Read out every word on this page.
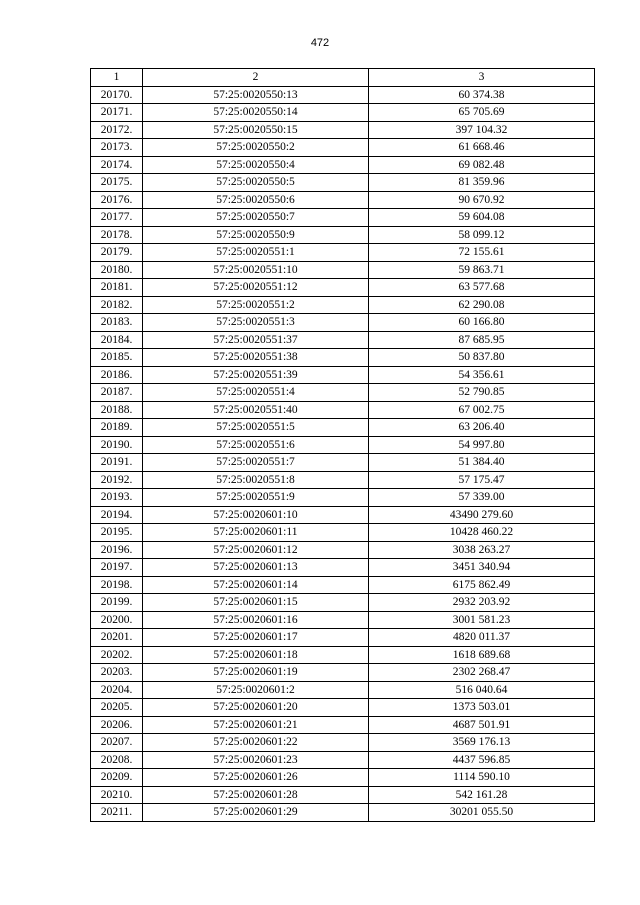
472
1	2	3
20170.	57:25:0020550:13	60 374.38
20171.	57:25:0020550:14	65 705.69
20172.	57:25:0020550:15	397 104.32
20173.	57:25:0020550:2	61 668.46
20174.	57:25:0020550:4	69 082.48
20175.	57:25:0020550:5	81 359.96
20176.	57:25:0020550:6	90 670.92
20177.	57:25:0020550:7	59 604.08
20178.	57:25:0020550:9	58 099.12
20179.	57:25:0020551:1	72 155.61
20180.	57:25:0020551:10	59 863.71
20181.	57:25:0020551:12	63 577.68
20182.	57:25:0020551:2	62 290.08
20183.	57:25:0020551:3	60 166.80
20184.	57:25:0020551:37	87 685.95
20185.	57:25:0020551:38	50 837.80
20186.	57:25:0020551:39	54 356.61
20187.	57:25:0020551:4	52 790.85
20188.	57:25:0020551:40	67 002.75
20189.	57:25:0020551:5	63 206.40
20190.	57:25:0020551:6	54 997.80
20191.	57:25:0020551:7	51 384.40
20192.	57:25:0020551:8	57 175.47
20193.	57:25:0020551:9	57 339.00
20194.	57:25:0020601:10	43490 279.60
20195.	57:25:0020601:11	10428 460.22
20196.	57:25:0020601:12	3038 263.27
20197.	57:25:0020601:13	3451 340.94
20198.	57:25:0020601:14	6175 862.49
20199.	57:25:0020601:15	2932 203.92
20200.	57:25:0020601:16	3001 581.23
20201.	57:25:0020601:17	4820 011.37
20202.	57:25:0020601:18	1618 689.68
20203.	57:25:0020601:19	2302 268.47
20204.	57:25:0020601:2	516 040.64
20205.	57:25:0020601:20	1373 503.01
20206.	57:25:0020601:21	4687 501.91
20207.	57:25:0020601:22	3569 176.13
20208.	57:25:0020601:23	4437 596.85
20209.	57:25:0020601:26	1114 590.10
20210.	57:25:0020601:28	542 161.28
20211.	57:25:0020601:29	30201 055.50
